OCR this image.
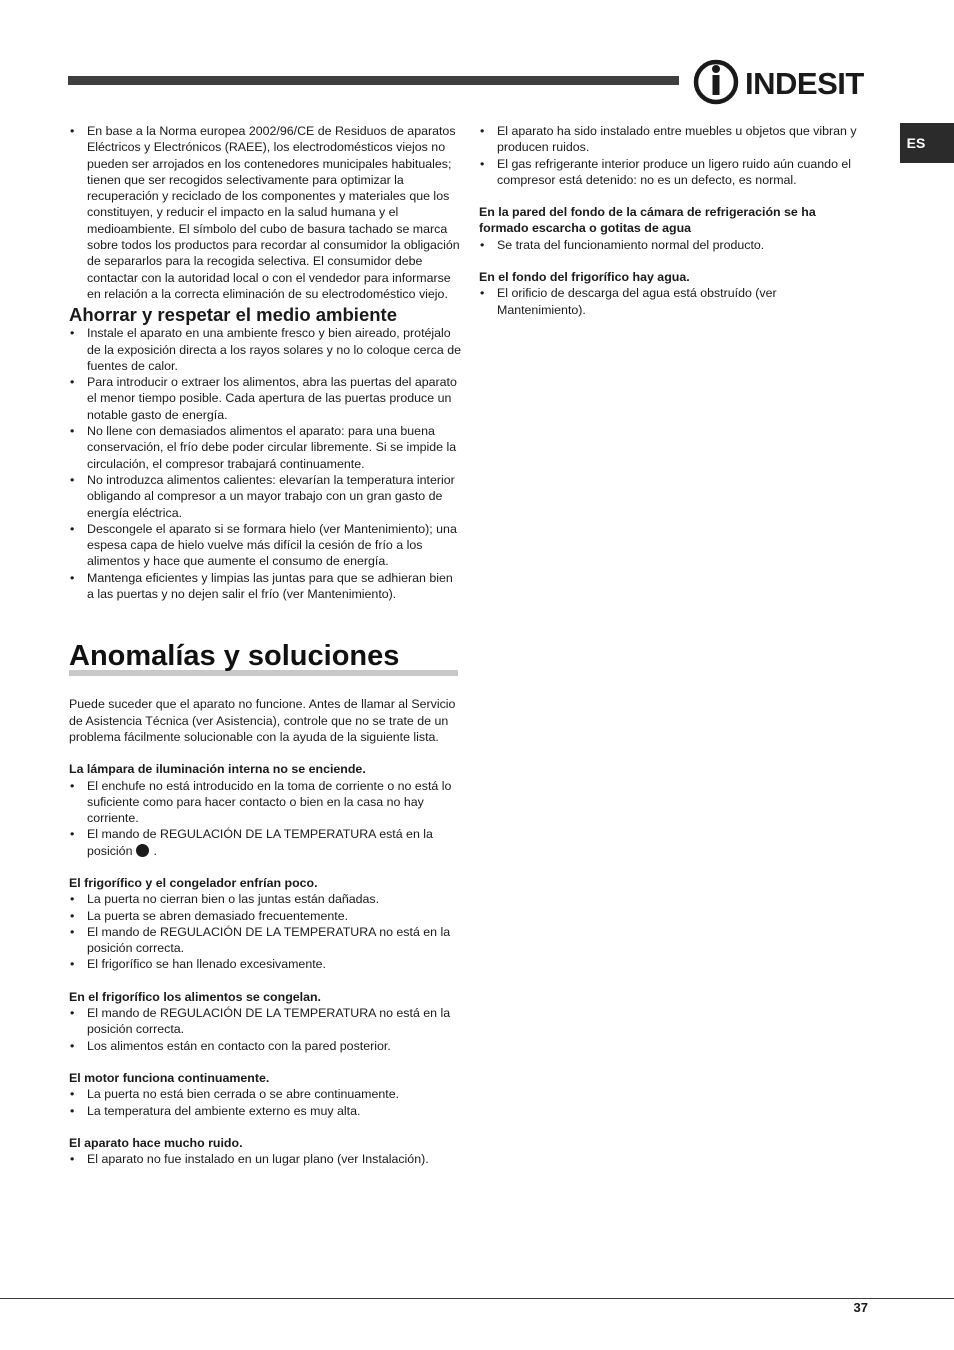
INDESIT
ES
• En base a la Norma europea 2002/96/CE de Residuos de aparatos Eléctricos y Electrónicos (RAEE), los electrodomésticos viejos no pueden ser arrojados en los contenedores municipales habituales; tienen que ser recogidos selectivamente para optimizar la recuperación y reciclado de los componentes y materiales que los constituyen, y reducir el impacto en la salud humana y el medioambiente. El símbolo del cubo de basura tachado se marca sobre todos los productos para recordar al consumidor la obligación de separarlos para la recogida selectiva. El consumidor debe contactar con la autoridad local o con el vendedor para informarse en relación a la correcta eliminación de su electrodoméstico viejo.
Ahorrar y respetar el medio ambiente
• Instale el aparato en una ambiente fresco y bien aireado, protéjalo de la exposición directa a los rayos solares y no lo coloque cerca de fuentes de calor.
• Para introducir o extraer los alimentos, abra las puertas del aparato el menor tiempo posible. Cada apertura de las puertas produce un notable gasto de energía.
• No llene con demasiados alimentos el aparato: para una buena conservación, el frío debe poder circular libremente. Si se impide la circulación, el compresor trabajará continuamente.
• No introduzca alimentos calientes: elevarían la temperatura interior obligando al compresor a un mayor trabajo con un gran gasto de energía eléctrica.
• Descongele el aparato si se formara hielo (ver Mantenimiento); una espesa capa de hielo vuelve más difícil la cesión de frío a los alimentos y hace que aumente el consumo de energía.
• Mantenga eficientes y limpias las juntas para que se adhieran bien a las puertas y no dejen salir el frío (ver Mantenimiento).
Anomalías y soluciones

Puede suceder que el aparato no funcione. Antes de llamar al Servicio de Asistencia Técnica (ver Asistencia), controle que no se trate de un problema fácilmente solucionable con la ayuda de la siguiente lista.

La lámpara de iluminación interna no se enciende.
• El enchufe no está introducido en la toma de corriente o no está lo suficiente como para hacer contacto o bien en la casa no hay corriente.
• El mando de REGULACIÓN DE LA TEMPERATURA está en la posición .
El frigorífico y el congelador enfrían poco.
• La puerta no cierran bien o las juntas están dañadas.
• La puerta se abren demasiado frecuentemente.
• El mando de REGULACIÓN DE LA TEMPERATURA no está en la posición correcta.
• El frigorífico se han llenado excesivamente.
En el frigorífico los alimentos se congelan.
• El mando de REGULACIÓN DE LA TEMPERATURA no está en la posición correcta.
• Los alimentos están en contacto con la pared posterior.
El motor funciona continuamente.
• La puerta no está bien cerrada o se abre continuamente.
• La temperatura del ambiente externo es muy alta.
El aparato hace mucho ruido.
• El aparato no fue instalado en un lugar plano (ver Instalación).
• El aparato ha sido instalado entre muebles u objetos que vibran y producen ruidos.
• El gas refrigerante interior produce un ligero ruido aún cuando el compresor está detenido: no es un defecto, es normal.
En la pared del fondo de la cámara de refrigeración se ha formado escarcha o gotitas de agua
• Se trata del funcionamiento normal del producto.
En el fondo del frigorífico hay agua.
• El orificio de descarga del agua está obstruído (ver Mantenimiento).
37
